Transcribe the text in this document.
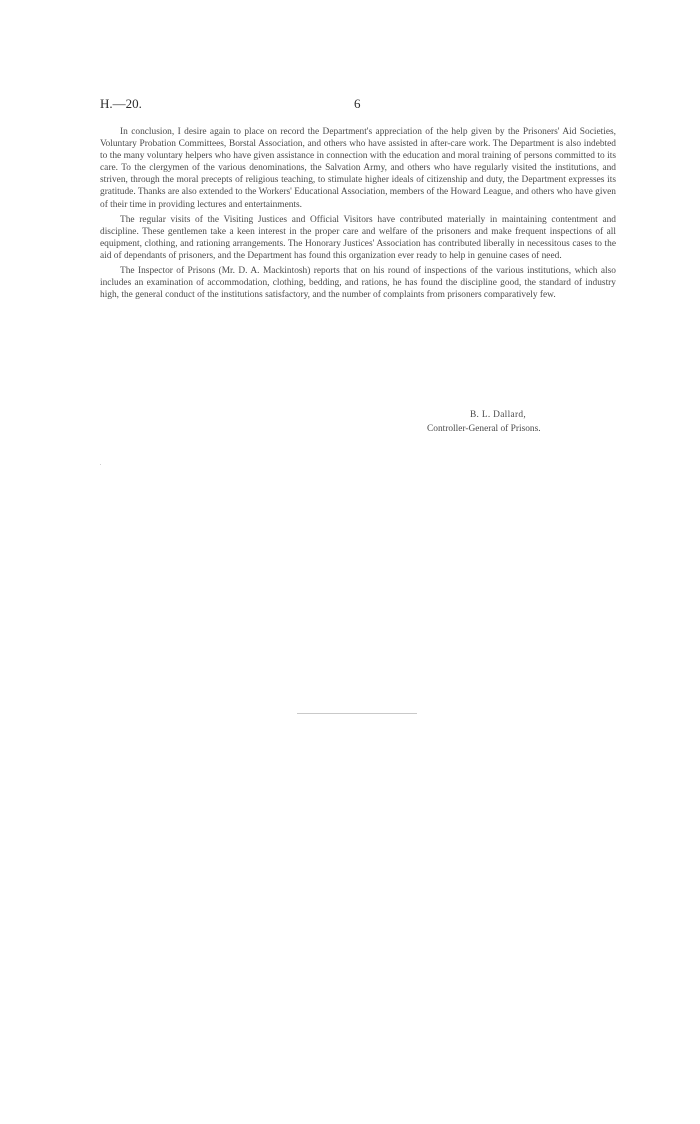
H.—20.	6

In conclusion, I desire again to place on record the Department's appreciation of the help given by the Prisoners' Aid Societies, Voluntary Probation Committees, Borstal Association, and others who have assisted in after-care work. The Department is also indebted to the many voluntary helpers who have given assistance in connection with the education and moral training of persons committed to its care. To the clergymen of the various denominations, the Salvation Army, and others who have regularly visited the institutions, and striven, through the moral precepts of religious teaching, to stimulate higher ideals of citizenship and duty, the Department expresses its gratitude. Thanks are also extended to the Workers' Educational Association, members of the Howard League, and others who have given of their time in providing lectures and entertainments.

The regular visits of the Visiting Justices and Official Visitors have contributed materially in maintaining contentment and discipline. These gentlemen take a keen interest in the proper care and welfare of the prisoners and make frequent inspections of all equipment, clothing, and rationing arrangements. The Honorary Justices' Association has contributed liberally in necessitous cases to the aid of dependants of prisoners, and the Department has found this organization ever ready to help in genuine cases of need.

The Inspector of Prisons (Mr. D. A. Mackintosh) reports that on his round of inspections of the various institutions, which also includes an examination of accommodation, clothing, bedding, and rations, he has found the discipline good, the standard of industry high, the general conduct of the institutions satisfactory, and the number of complaints from prisoners comparatively few.

B. L. Dallard,
Controller-General of Prisons.
